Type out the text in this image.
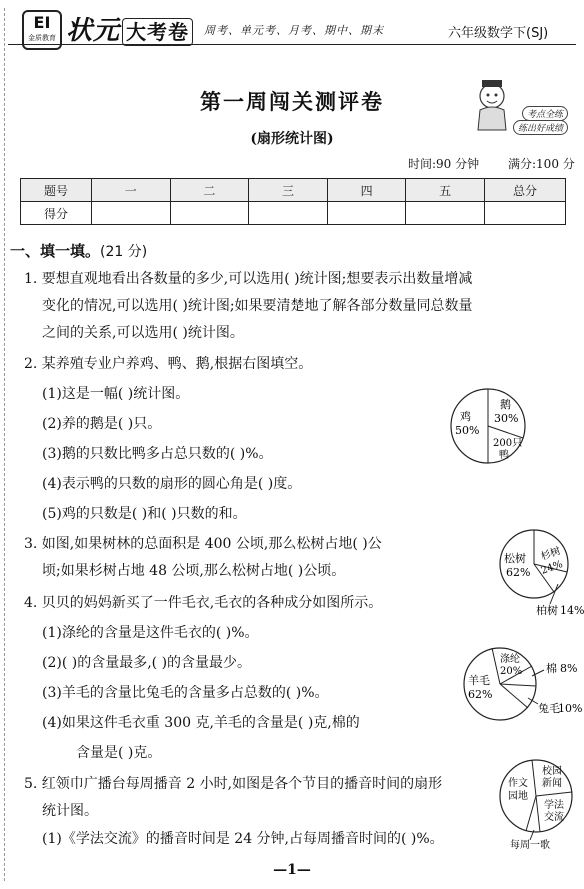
EI
金质教育 状元 大考卷	周考、单元考、月考、期中、期末	六年级数学下(SJ)
第一周闯关测评卷
(扇形统计图)
考点全练
练出好成绩
时间:90 分钟 满分:100 分
题号	一	二	三	四	五	总分
得分						
一、填一填。(21 分)
1. 要想直观地看出各数量的多少,可以选用( )统计图;想要表示出数量增减
变化的情况,可以选用( )统计图;如果要清楚地了解各部分数量同总数量
之间的关系,可以选用( )统计图。
2. 某养殖专业户养鸡、鸭、鹅,根据右图填空。
(1)这是一幅( )统计图。
(2)养的鹅是( )只。
(3)鹅的只数比鸭多占总只数的( )%。
(4)表示鸭的只数的扇形的圆心角是( )度。
(5)鸡的只数是( )和( )只数的和。
鸡
50%
鹅
30%
200只
鸭
3. 如图,如果树林的总面积是 400 公顷,那么松树占地( )公
顷;如果杉树占地 48 公顷,那么松树占地( )公顷。
松树
62%
杉树
24%
柏树 14%
4. 贝贝的妈妈新买了一件毛衣,毛衣的各种成分如图所示。
(1)涤纶的含量是这件毛衣的( )%。
(2)( )的含量最多,( )的含量最少。
(3)羊毛的含量比兔毛的含量多占总数的( )%。
(4)如果这件毛衣重 300 克,羊毛的含量是( )克,棉的
含量是( )克。
羊毛
62%
涤纶
20% 棉 8%
兔毛
10%
5. 红领巾广播台每周播音 2 小时,如图是各个节目的播音时间的扇形
统计图。
(1)《学法交流》的播音时间是 24 分钟,占每周播音时间的( )%。
作文
园地
校园
新闻
学法
交流
每周一歌
—1—
